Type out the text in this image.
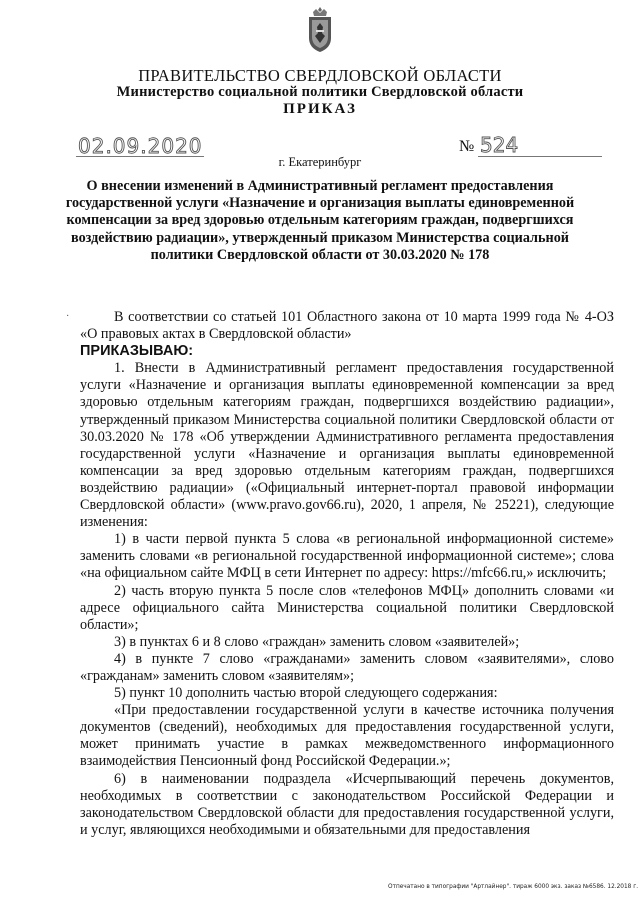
ПРАВИТЕЛЬСТВО СВЕРДЛОВСКОЙ ОБЛАСТИ
Министерство социальной политики Свердловской области
ПРИКАЗ
02.09.2020	№ 524
г. Екатеринбург

О внесении изменений в Административный регламент предоставления государственной услуги «Назначение и организация выплаты единовременной компенсации за вред здоровью отдельным категориям граждан, подвергшихся воздействию радиации», утвержденный приказом Министерства социальной политики Свердловской области от 30.03.2020 № 178

·	В соответствии со статьей 101 Областного закона от 10 марта 1999 года № 4-ОЗ «О правовых актах в Свердловской области»

ПРИКАЗЫВАЮ:

1. Внести в Административный регламент предоставления государственной услуги «Назначение и организация выплаты единовременной компенсации за вред здоровью отдельным категориям граждан, подвергшихся воздействию радиации», утвержденный приказом Министерства социальной политики Свердловской области от 30.03.2020 № 178 «Об утверждении Административного регламента предоставления государственной услуги «Назначение и организация выплаты единовременной компенсации за вред здоровью отдельным категориям граждан, подвергшихся воздействию радиации» («Официальный интернет-портал правовой информации Свердловской области» (www.pravo.gov66.ru), 2020, 1 апреля, № 25221), следующие изменения:

1) в части первой пункта 5 слова «в региональной информационной системе» заменить словами «в региональной государственной информационной системе»; слова «на официальном сайте МФЦ в сети Интернет по адресу: https://mfc66.ru,» исключить;

2) часть вторую пункта 5 после слов «телефонов МФЦ» дополнить словами «и адресе официального сайта Министерства социальной политики Свердловской области»;

3) в пунктах 6 и 8 слово «граждан» заменить словом «заявителей»;

4) в пункте 7 слово «гражданами» заменить словом «заявителями», слово «гражданам» заменить словом «заявителям»;

5) пункт 10 дополнить частью второй следующего содержания:

«При предоставлении государственной услуги в качестве источника получения документов (сведений), необходимых для предоставления государственной услуги, может принимать участие в рамках межведомственного информационного взаимодействия Пенсионный фонд Российской Федерации.»;

6) в наименовании подраздела «Исчерпывающий перечень документов, необходимых в соответствии с законодательством Российской Федерации и законодательством Свердловской области для предоставления государственной услуги, и услуг, являющихся необходимыми и обязательными для предоставления

Отпечатано в типографии "Артлайнер". тираж 6000 экз. заказ №6586. 12.2018 г.
